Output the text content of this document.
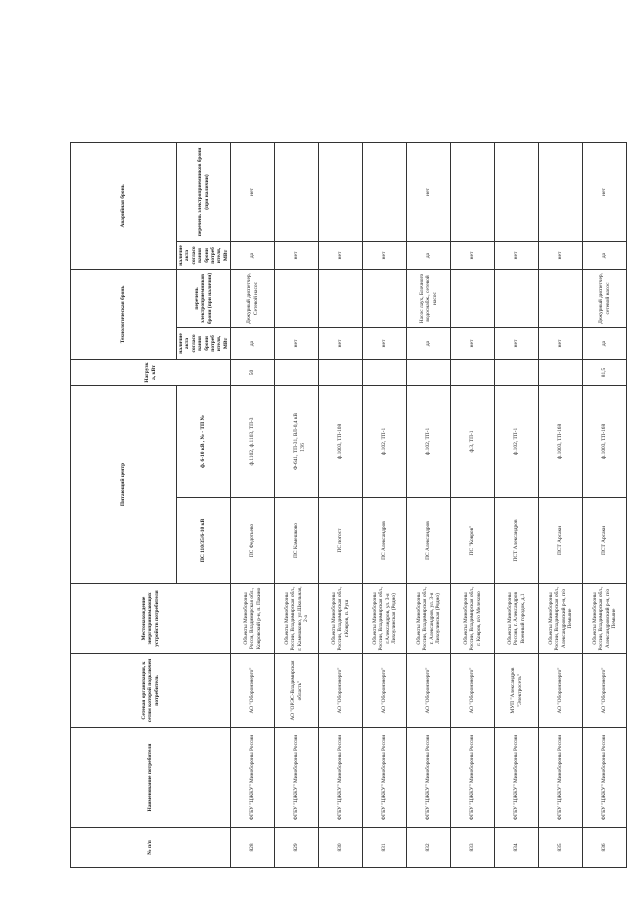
136
№ п/п	Наименование потребителя	Сетевая организация, к сетям которой подключен потребитель	Местонахождение энергопринимающих устройств потребителя	Питающий центр		Нагрузка, кВт	Технологическая бронь		Аварийная бронь	

				ПС 110/35/6-10 кВ	ф. 6-10 кВ , № - ТП №		наличие акта согласо вания брони потреб ителя, МВт	перечень электроприемников брони (при наличии)	наличие акта согласо вания брони потреб ителя, МВт	перечень электроприемников брони (при наличии)
828	ФГБУ "ЦЖКУ" Минобороны России	АО "Оборонэнерго"	Объекты Минобороны Росси, Владимирская обл., Ковровский р-н, п. Пакино	ПС Федотьево	ф.1102, ф.1103, ТП-3	50	да	Дежурный диспетчер, Сетевой насос	да	нет
829	ФГБУ "ЦЖКУ" Минобороны России	АО "ОРЭС-Владимирская область"	Объекты Минобороны России, Владимирская обл., г. Камешково, ул.Школьная, 2-а	ПС Камешково	Ф-641, ТП-31, ВЛ-0,4 кВ		нет		нет	
830	ФГБУ "ЦЖКУ" Минобороны России	АО "Оборонэнерго"	Объекты Минобороны России, Владимирская обл., г.Ковров, п. Руш	ПС погост	ф.1003, ТП-108		нет		нет	
831	ФГБУ "ЦЖКУ" Минобороны России	АО "Оборонэнерго"	Объекты Минобороны России, Владимирская обл., г.Александров, ул. 3-я Лихоулинская (Рядно)	ПС Александров	ф.102, ТП-1		нет		нет	
832	ФГБУ "ЦЖКУ" Минобороны России	АО "Оборонэнерго"	Объекты Минобороны России, Владимирская обл., г. Александров, ул. 3-я Лихоулинская (Рядно)	ПС Александров	ф.102, ТП-1		да	Насос лаух, Блочного водоснабж., сетевой насос	да	нет
833	ФГБУ "ЦЖКУ" Минобороны России	АО "Оборонэнерго"	Объекты Минобороны России, Владимирская обл., г. Ковров, п/о Мелехово	ПС "Ковров"	ф.3, ТП-1		нет		нет	
834	ФГБУ "ЦЖКУ" Минобороны России	МУП "Александров "Электросеть"	Объекты Минобороны России, г. Александров Военный городок, д.1	ПСТ Александров	ф.102, ТП-1		нет		нет	
835	ФГБУ "ЦЖКУ" Минобороны России	АО "Оборонэнерго"	Объекты Минобороны России, Владимирская обл., Александровский р-н, п/о Пемьяне	ПСТ Арсаки	ф.1003, ТП-168		нет		нет	
836	ФГБУ "ЦЖКУ" Минобороны России	АО "Оборонэнерго"	Объекты Минобороны России, Владимирская обл., Александровский р-н, п/о Пемьяне	ПСТ Арсаки	ф.1003, ТП-168	81,5	да	Дежурный диспетчер, сетевой насос	да	нет
